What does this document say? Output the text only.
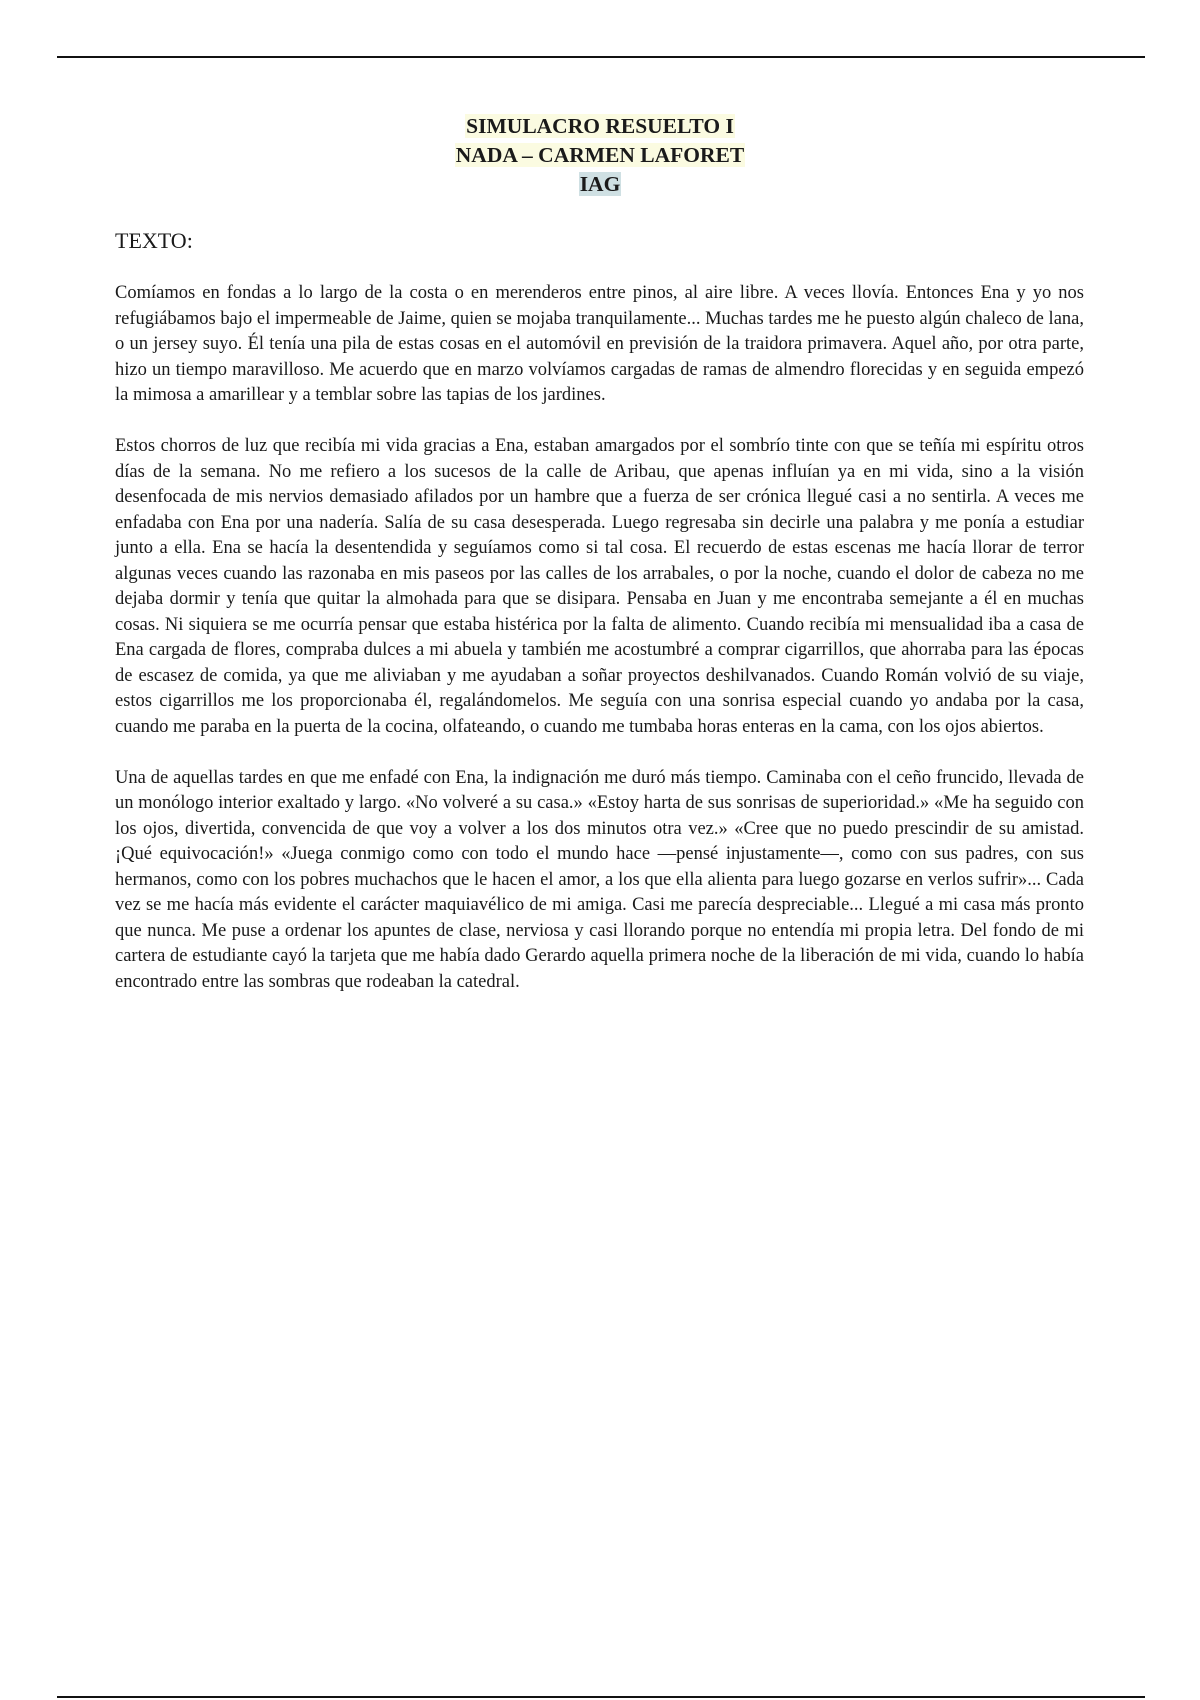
SIMULACRO RESUELTO I
NADA – CARMEN LAFORET
IAG
TEXTO:

Comíamos en fondas a lo largo de la costa o en merenderos entre pinos, al aire libre. A veces llovía. Entonces Ena y yo nos refugiábamos bajo el impermeable de Jaime, quien se mojaba tranquilamente... Muchas tardes me he puesto algún chaleco de lana, o un jersey suyo. Él tenía una pila de estas cosas en el automóvil en previsión de la traidora primavera. Aquel año, por otra parte, hizo un tiempo maravilloso. Me acuerdo que en marzo volvíamos cargadas de ramas de almendro florecidas y en seguida empezó la mimosa a amarillear y a temblar sobre las tapias de los jardines.

Estos chorros de luz que recibía mi vida gracias a Ena, estaban amargados por el sombrío tinte con que se teñía mi espíritu otros días de la semana. No me refiero a los sucesos de la calle de Aribau, que apenas influían ya en mi vida, sino a la visión desenfocada de mis nervios demasiado afilados por un hambre que a fuerza de ser crónica llegué casi a no sentirla. A veces me enfadaba con Ena por una nadería. Salía de su casa desesperada. Luego regresaba sin decirle una palabra y me ponía a estudiar junto a ella. Ena se hacía la desentendida y seguíamos como si tal cosa. El recuerdo de estas escenas me hacía llorar de terror algunas veces cuando las razonaba en mis paseos por las calles de los arrabales, o por la noche, cuando el dolor de cabeza no me dejaba dormir y tenía que quitar la almohada para que se disipara. Pensaba en Juan y me encontraba semejante a él en muchas cosas. Ni siquiera se me ocurría pensar que estaba histérica por la falta de alimento. Cuando recibía mi mensualidad iba a casa de Ena cargada de flores, compraba dulces a mi abuela y también me acostumbré a comprar cigarrillos, que ahorraba para las épocas de escasez de comida, ya que me aliviaban y me ayudaban a soñar proyectos deshilvanados. Cuando Román volvió de su viaje, estos cigarrillos me los proporcionaba él, regalándomelos. Me seguía con una sonrisa especial cuando yo andaba por la casa, cuando me paraba en la puerta de la cocina, olfateando, o cuando me tumbaba horas enteras en la cama, con los ojos abiertos.

Una de aquellas tardes en que me enfadé con Ena, la indignación me duró más tiempo. Caminaba con el ceño fruncido, llevada de un monólogo interior exaltado y largo. «No volveré a su casa.» «Estoy harta de sus sonrisas de superioridad.» «Me ha seguido con los ojos, divertida, convencida de que voy a volver a los dos minutos otra vez.» «Cree que no puedo prescindir de su amistad. ¡Qué equivocación!» «Juega conmigo como con todo el mundo hace —pensé injustamente—, como con sus padres, con sus hermanos, como con los pobres muchachos que le hacen el amor, a los que ella alienta para luego gozarse en verlos sufrir»... Cada vez se me hacía más evidente el carácter maquiavélico de mi amiga. Casi me parecía despreciable... Llegué a mi casa más pronto que nunca. Me puse a ordenar los apuntes de clase, nerviosa y casi llorando porque no entendía mi propia letra. Del fondo de mi cartera de estudiante cayó la tarjeta que me había dado Gerardo aquella primera noche de la liberación de mi vida, cuando lo había encontrado entre las sombras que rodeaban la catedral.
